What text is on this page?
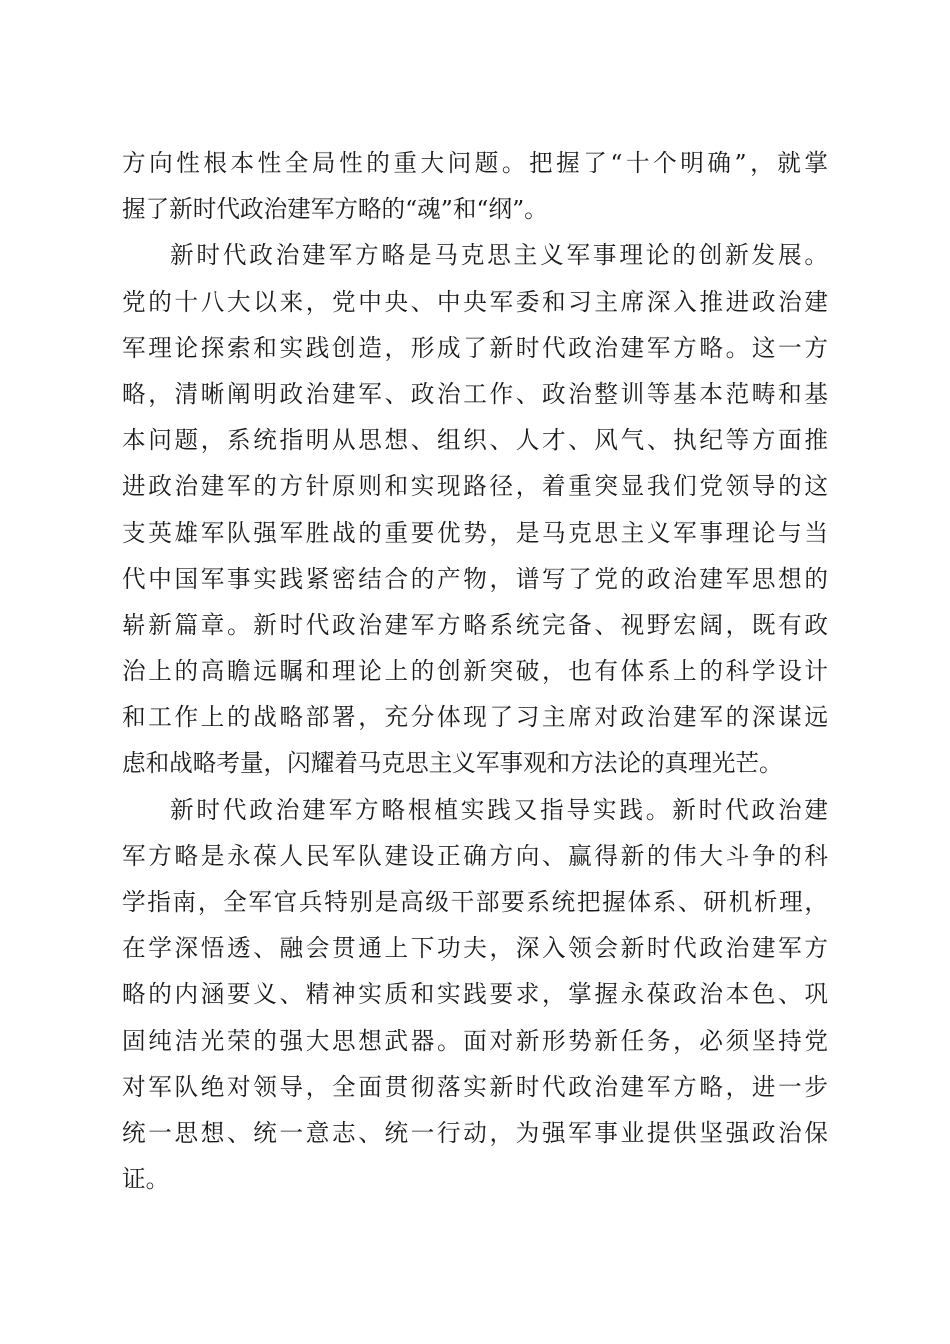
方向性根本性全局性的重大问题。把握了“十个明确”，就掌
握了新时代政治建军方略的“魂”和“纲”。
新时代政治建军方略是马克思主义军事理论的创新发展。
党的十八大以来，党中央、中央军委和习主席深入推进政治建
军理论探索和实践创造，形成了新时代政治建军方略。这一方
略，清晰阐明政治建军、政治工作、政治整训等基本范畴和基
本问题，系统指明从思想、组织、人才、风气、执纪等方面推
进政治建军的方针原则和实现路径，着重突显我们党领导的这
支英雄军队强军胜战的重要优势，是马克思主义军事理论与当
代中国军事实践紧密结合的产物，谱写了党的政治建军思想的
崭新篇章。新时代政治建军方略系统完备、视野宏阔，既有政
治上的高瞻远瞩和理论上的创新突破，也有体系上的科学设计
和工作上的战略部署，充分体现了习主席对政治建军的深谋远
虑和战略考量，闪耀着马克思主义军事观和方法论的真理光芒。
新时代政治建军方略根植实践又指导实践。新时代政治建
军方略是永葆人民军队建设正确方向、赢得新的伟大斗争的科
学指南，全军官兵特别是高级干部要系统把握体系、研机析理，
在学深悟透、融会贯通上下功夫，深入领会新时代政治建军方
略的内涵要义、精神实质和实践要求，掌握永葆政治本色、巩
固纯洁光荣的强大思想武器。面对新形势新任务，必须坚持党
对军队绝对领导，全面贯彻落实新时代政治建军方略，进一步
统一思想、统一意志、统一行动，为强军事业提供坚强政治保
证。
